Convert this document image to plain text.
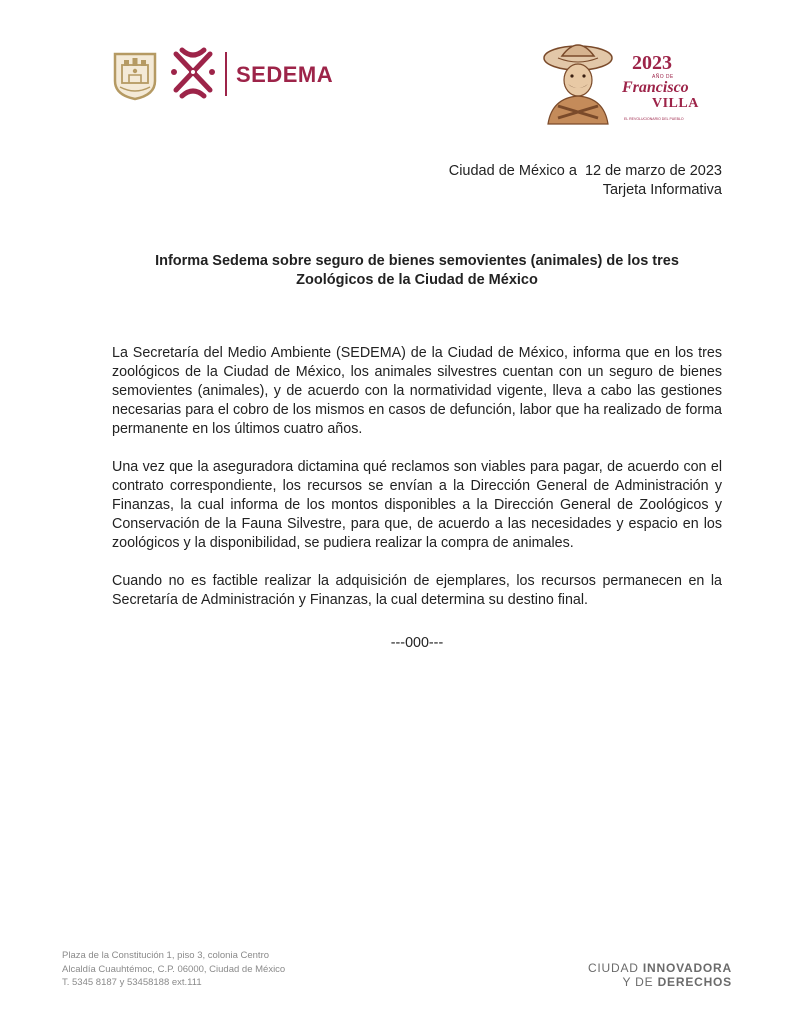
SEDEMA	2023
AÑO DE
Francisco
VILLA
EL REVOLUCIONARIO DEL PUEBLO
Ciudad de México a  12 de marzo de 2023
Tarjeta Informativa
Informa Sedema sobre seguro de bienes semovientes (animales) de los tres
Zoológicos de la Ciudad de México

La Secretaría del Medio Ambiente (SEDEMA) de la Ciudad de México, informa que en los tres zoológicos de la Ciudad de México, los animales silvestres cuentan con un seguro de bienes semovientes (animales), y de acuerdo con la normatividad vigente, lleva a cabo las gestiones necesarias para el cobro de los mismos en casos de defunción, labor que ha realizado de forma permanente en los últimos cuatro años.

Una vez que la aseguradora dictamina qué reclamos son viables para pagar, de acuerdo con el contrato correspondiente, los recursos se envían a la Dirección General de Administración y Finanzas, la cual informa de los montos disponibles a la Dirección General de Zoológicos y Conservación de la Fauna Silvestre, para que, de acuerdo a las necesidades y espacio en los zoológicos y la disponibilidad, se pudiera realizar la compra de animales.

Cuando no es factible realizar la adquisición de ejemplares, los recursos permanecen en la Secretaría de Administración y Finanzas, la cual determina su destino final.

---000---
Plaza de la Constitución 1, piso 3, colonia Centro
Alcaldía Cuauhtémoc, C.P. 06000, Ciudad de México
T. 5345 8187 y 53458188 ext.111
CIUDAD INNOVADORA
Y DE DERECHOS
